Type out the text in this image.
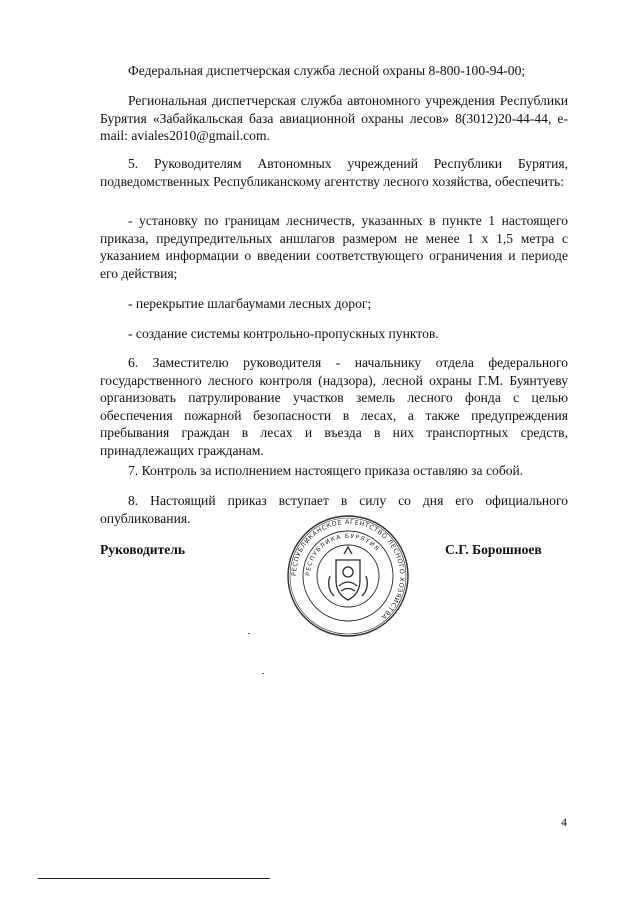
Федеральная диспетчерская служба лесной охраны 8-800-100-94-00;

Региональная диспетчерская служба автономного учреждения Республики Бурятия «Забайкальская база авиационной охраны лесов» 8(3012)20-44-44, e-mail: aviales2010@gmail.com.

5. Руководителям Автономных учреждений Республики Бурятия, подведомственных Республиканскому агентству лесного хозяйства, обеспечить:

- установку по границам лесничеств, указанных в пункте 1 настоящего приказа, предупредительных аншлагов размером не менее 1 х 1,5 метра с указанием информации о введении соответствующего ограничения и периоде его действия;

- перекрытие шлагбаумами лесных дорог;

- создание системы контрольно-пропускных пунктов.

6. Заместителю руководителя - начальнику отдела федерального государственного лесного контроля (надзора), лесной охраны Г.М. Буянтуеву организовать патрулирование участков земель лесного фонда с целью обеспечения пожарной безопасности в лесах, а также предупреждения пребывания граждан в лесах и въезда в них транспортных средств, принадлежащих гражданам.

7. Контроль за исполнением настоящего приказа оставляю за собой.

8. Настоящий приказ вступает в силу со дня его официального опубликования.

Руководитель
РЕСПУБЛИКАНСКОЕ АГЕНТСТВО ЛЕСНОГО ХОЗЯЙСТВА
РЕСПУБЛИКА БУРЯТИЯ	С.Г. Борошноев
4
